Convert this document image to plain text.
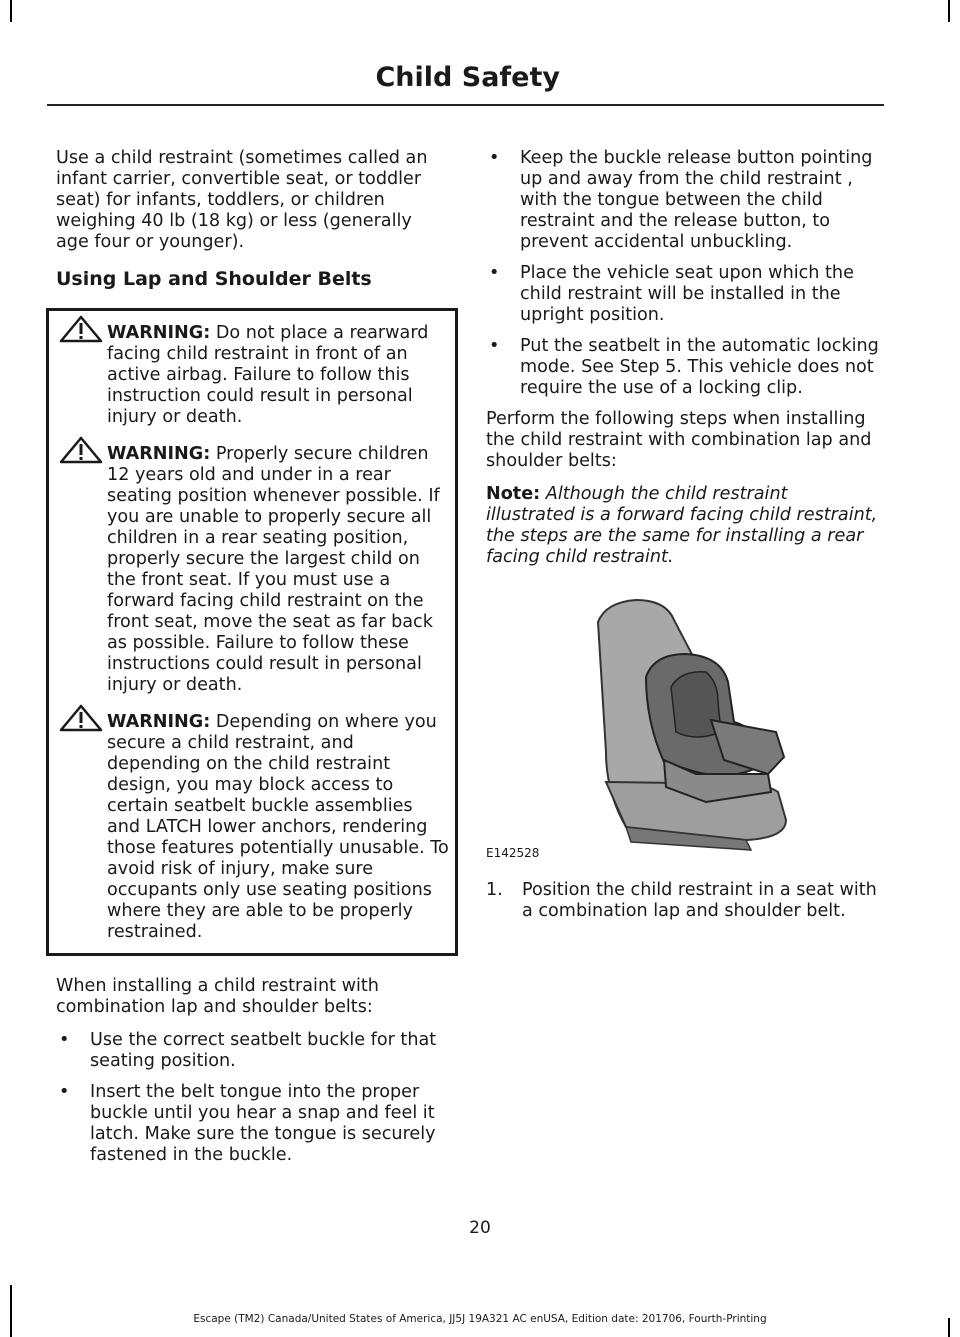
Child Safety

Use a child restraint (sometimes called an infant carrier, convertible seat, or toddler seat) for infants, toddlers, or children weighing 40 lb (18 kg) or less (generally age four or younger).

Using Lap and Shoulder Belts

WARNING: Do not place a rearward facing child restraint in front of an active airbag. Failure to follow this instruction could result in personal injury or death.
WARNING: Properly secure children 12 years old and under in a rear seating position whenever possible. If you are unable to properly secure all children in a rear seating position, properly secure the largest child on the front seat. If you must use a forward facing child restraint on the front seat, move the seat as far back as possible. Failure to follow these instructions could result in personal injury or death.
WARNING: Depending on where you secure a child restraint, and depending on the child restraint design, you may block access to certain seatbelt buckle assemblies and LATCH lower anchors, rendering those features potentially unusable. To avoid risk of injury, make sure occupants only use seating positions where they are able to be properly restrained.

When installing a child restraint with combination lap and shoulder belts:

• Use the correct seatbelt buckle for that seating position.
• Insert the belt tongue into the proper buckle until you hear a snap and feel it latch. Make sure the tongue is securely fastened in the buckle.
• Keep the buckle release button pointing up and away from the child restraint , with the tongue between the child restraint and the release button, to prevent accidental unbuckling.
• Place the vehicle seat upon which the child restraint will be installed in the upright position.
• Put the seatbelt in the automatic locking mode. See Step 5. This vehicle does not require the use of a locking clip.

Perform the following steps when installing the child restraint with combination lap and shoulder belts:

Note: Although the child restraint illustrated is a forward facing child restraint, the steps are the same for installing a rear facing child restraint.

E142528
1. Position the child restraint in a seat with a combination lap and shoulder belt.
20
Escape (TM2) Canada/United States of America, JJ5J 19A321 AC enUSA, Edition date: 201706, Fourth-Printing
